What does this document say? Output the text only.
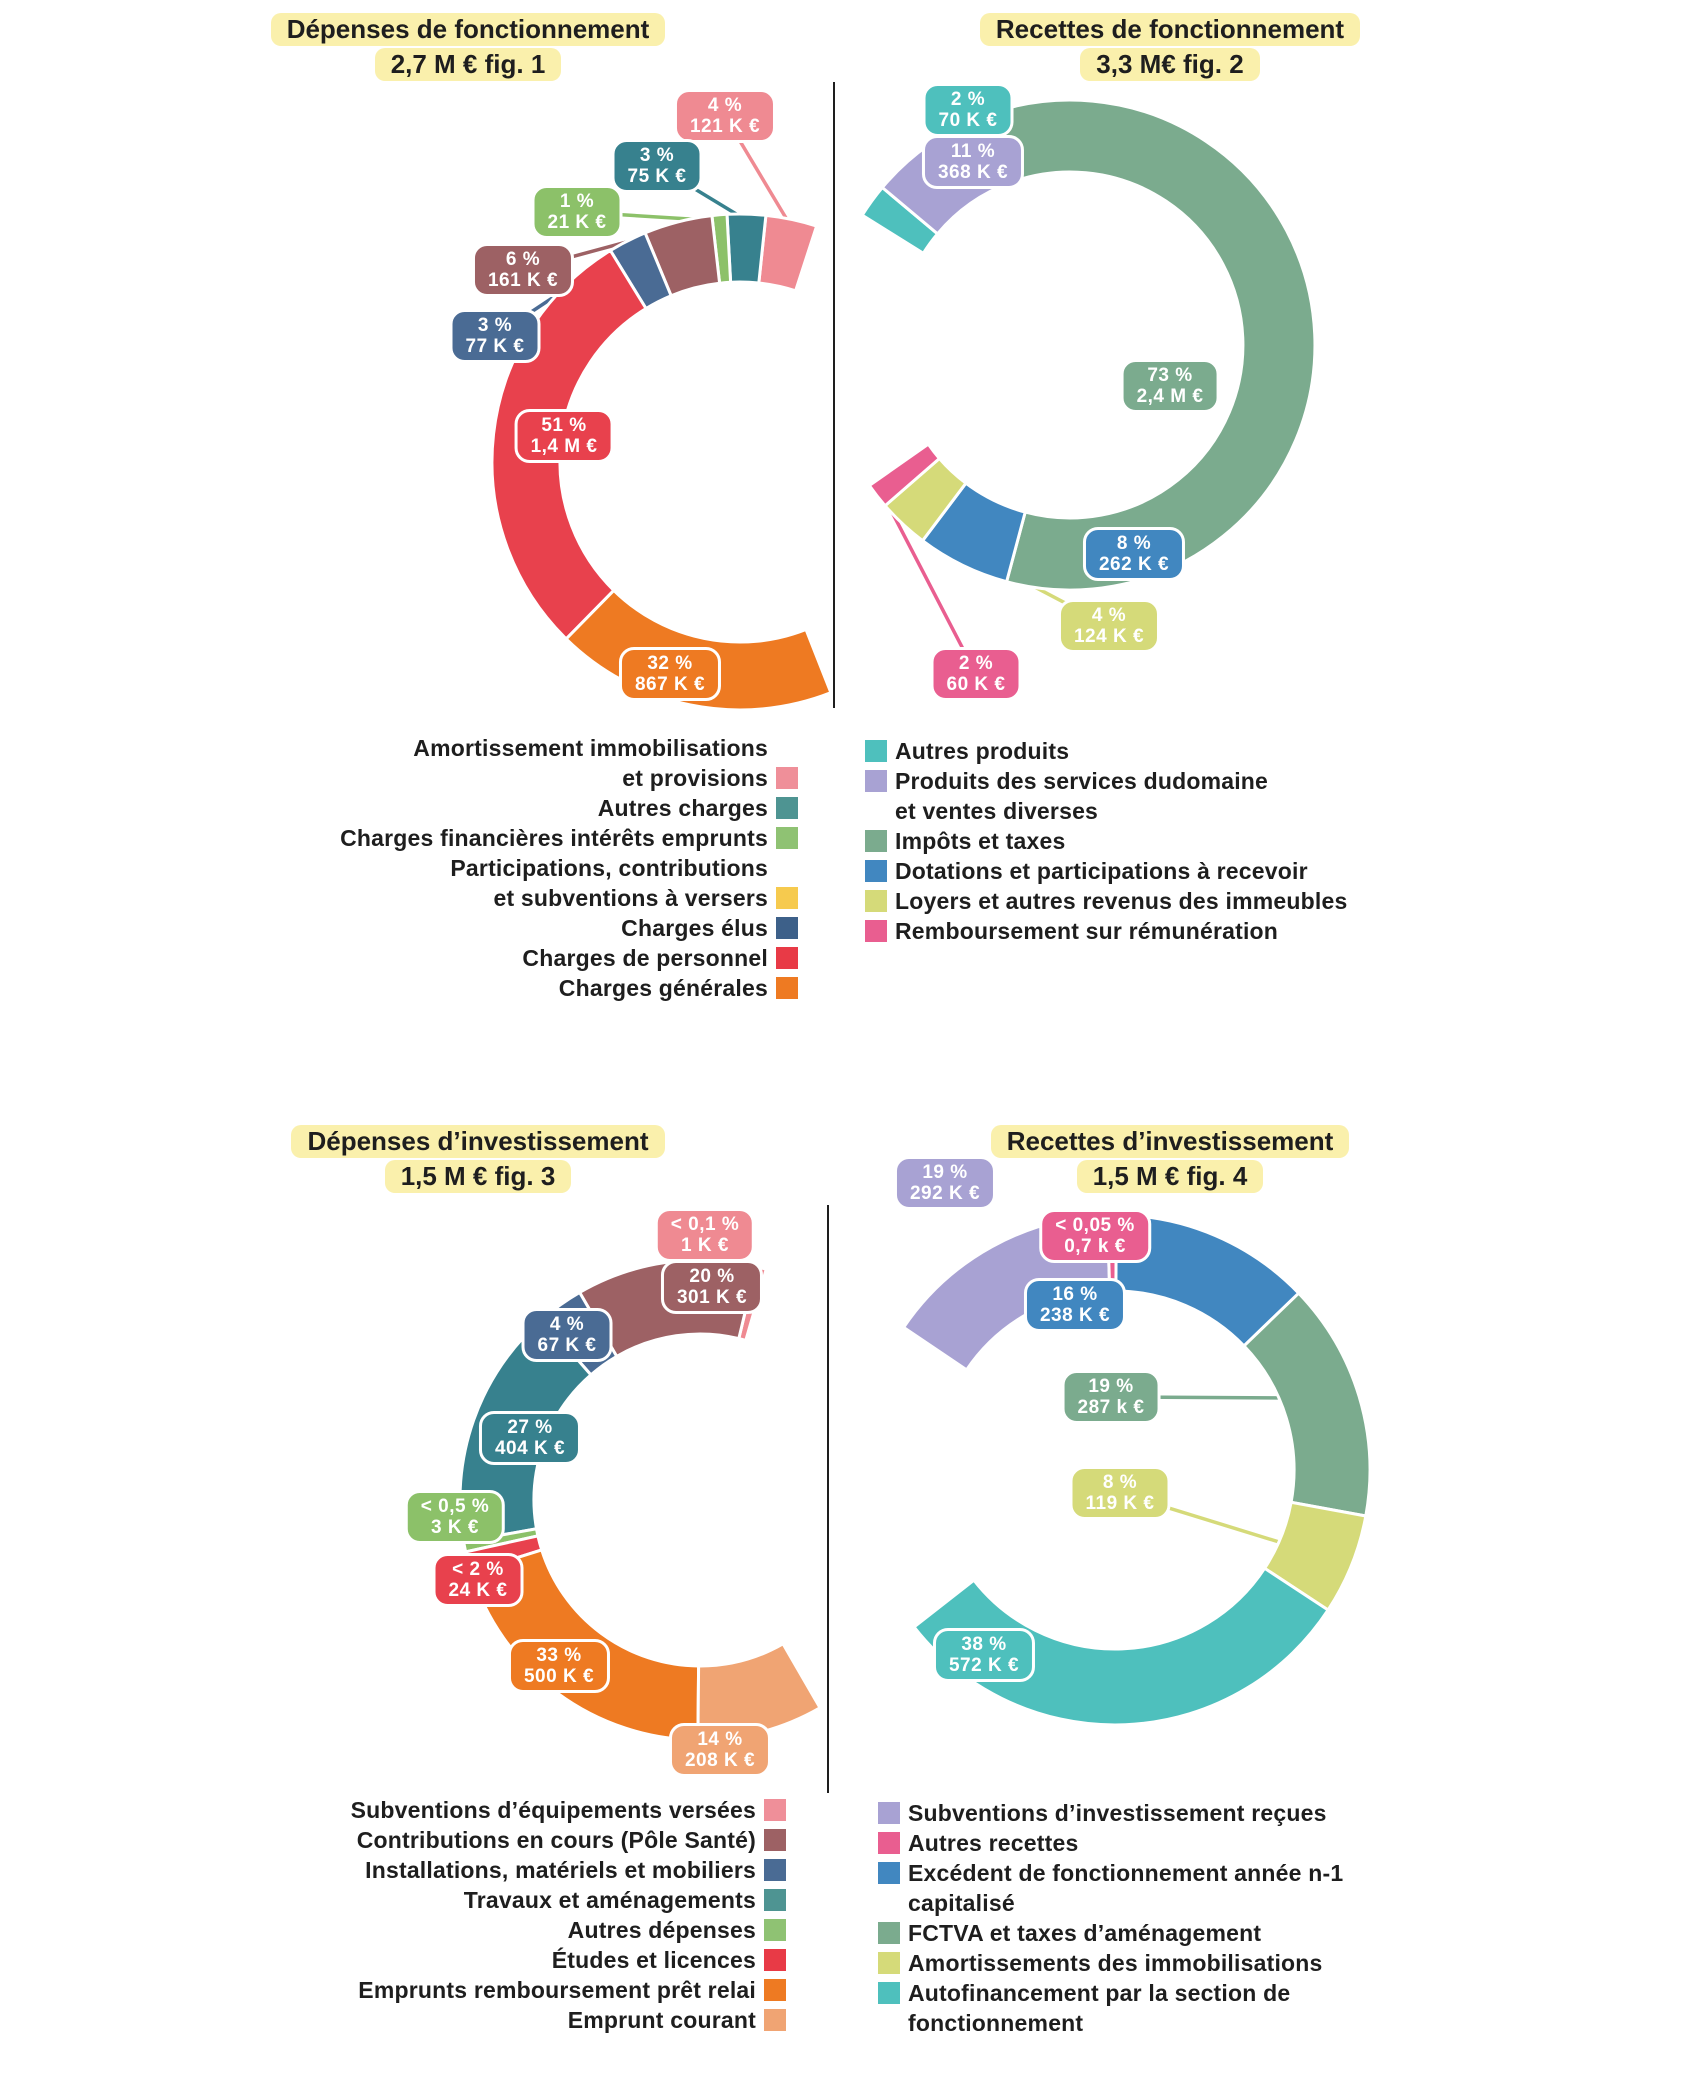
Dépenses de fonctionnement
2,7 M € fig. 1
Recettes de fonctionnement
3,3 M€ fig. 2
Dépenses d’investissement
1,5 M € fig. 3
Recettes d’investissement
1,5 M € fig. 4
Amortissement immobilisations
et provisions
Autres charges
Charges financières intérêts emprunts
Participations, contributions
et subventions à versers
Charges élus
Charges de personnel
Charges générales
Autres produits
Produits des services dudomaine
et ventes diverses
Impôts et taxes
Dotations et participations à recevoir
Loyers et autres revenus des immeubles
Remboursement sur rémunération
Subventions d’équipements versées
Contributions en cours (Pôle Santé)
Installations, matériels et mobiliers
Travaux et aménagements
Autres dépenses
Études et licences
Emprunts remboursement prêt relai
Emprunt courant
Subventions d’investissement reçues
Autres recettes
Excédent de fonctionnement année n-1
capitalisé
FCTVA et taxes d’aménagement
Amortissements des immobilisations
Autofinancement par la section de
fonctionnement
4 %
121 K €
3 %
75 K €
1 %
21 K €
6 %
161 K €
3 %
77 K €
51 %
1,4 M €
32 %
867 K €
2 %
70 K €
11 %
368 K €
73 %
2,4 M €
8 %
262 K €
4 %
124 K €
2 %
60 K €
< 0,1 %
1 K €
20 %
301 K €
4 %
67 K €
27 %
404 K €
< 0,5 %
3 K €
< 2 %
24 K €
33 %
500 K €
14 %
208 K €
19 %
292 K €
< 0,05 %
0,7 k €
16 %
238 K €
19 %
287 k €
8 %
119 K €
38 %
572 K €
